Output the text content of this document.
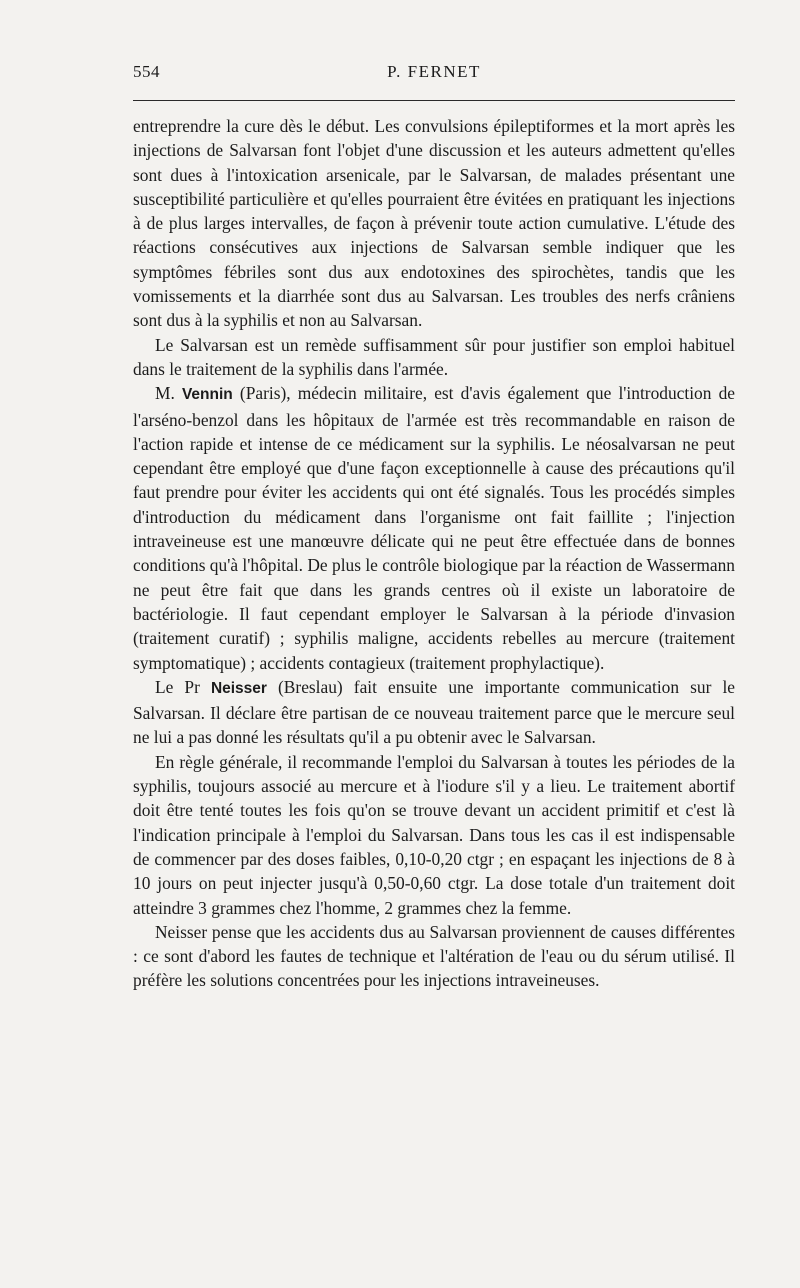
554	P. FERNET

entreprendre la cure dès le début. Les convulsions épileptiformes et la mort après les injections de Salvarsan font l'objet d'une discussion et les auteurs admettent qu'elles sont dues à l'intoxication arsenicale, par le Salvarsan, de malades présentant une susceptibilité particulière et qu'elles pourraient être évitées en pratiquant les injections à de plus larges intervalles, de façon à prévenir toute action cumulative. L'étude des réactions consécutives aux injections de Salvarsan semble indiquer que les symptômes fébriles sont dus aux endotoxines des spirochètes, tandis que les vomissements et la diarrhée sont dus au Salvarsan. Les troubles des nerfs crâniens sont dus à la syphilis et non au Salvarsan.

Le Salvarsan est un remède suffisamment sûr pour justifier son emploi habituel dans le traitement de la syphilis dans l'armée.

M. Vennin (Paris), médecin militaire, est d'avis également que l'introduction de l'arséno-benzol dans les hôpitaux de l'armée est très recommandable en raison de l'action rapide et intense de ce médicament sur la syphilis. Le néosalvarsan ne peut cependant être employé que d'une façon exceptionnelle à cause des précautions qu'il faut prendre pour éviter les accidents qui ont été signalés. Tous les procédés simples d'introduction du médicament dans l'organisme ont fait faillite ; l'injection intraveineuse est une manœuvre délicate qui ne peut être effectuée dans de bonnes conditions qu'à l'hôpital. De plus le contrôle biologique par la réaction de Wassermann ne peut être fait que dans les grands centres où il existe un laboratoire de bactériologie. Il faut cependant employer le Salvarsan à la période d'invasion (traitement curatif) ; syphilis maligne, accidents rebelles au mercure (traitement symptomatique) ; accidents contagieux (traitement prophylactique).

Le Pr Neisser (Breslau) fait ensuite une importante communication sur le Salvarsan. Il déclare être partisan de ce nouveau traitement parce que le mercure seul ne lui a pas donné les résultats qu'il a pu obtenir avec le Salvarsan.

En règle générale, il recommande l'emploi du Salvarsan à toutes les périodes de la syphilis, toujours associé au mercure et à l'iodure s'il y a lieu. Le traitement abortif doit être tenté toutes les fois qu'on se trouve devant un accident primitif et c'est là l'indication principale à l'emploi du Salvarsan. Dans tous les cas il est indispensable de commencer par des doses faibles, 0,10-0,20 ctgr ; en espaçant les injections de 8 à 10 jours on peut injecter jusqu'à 0,50-0,60 ctgr. La dose totale d'un traitement doit atteindre 3 grammes chez l'homme, 2 grammes chez la femme.

Neisser pense que les accidents dus au Salvarsan proviennent de causes différentes : ce sont d'abord les fautes de technique et l'altération de l'eau ou du sérum utilisé. Il préfère les solutions concentrées pour les injections intraveineuses.
